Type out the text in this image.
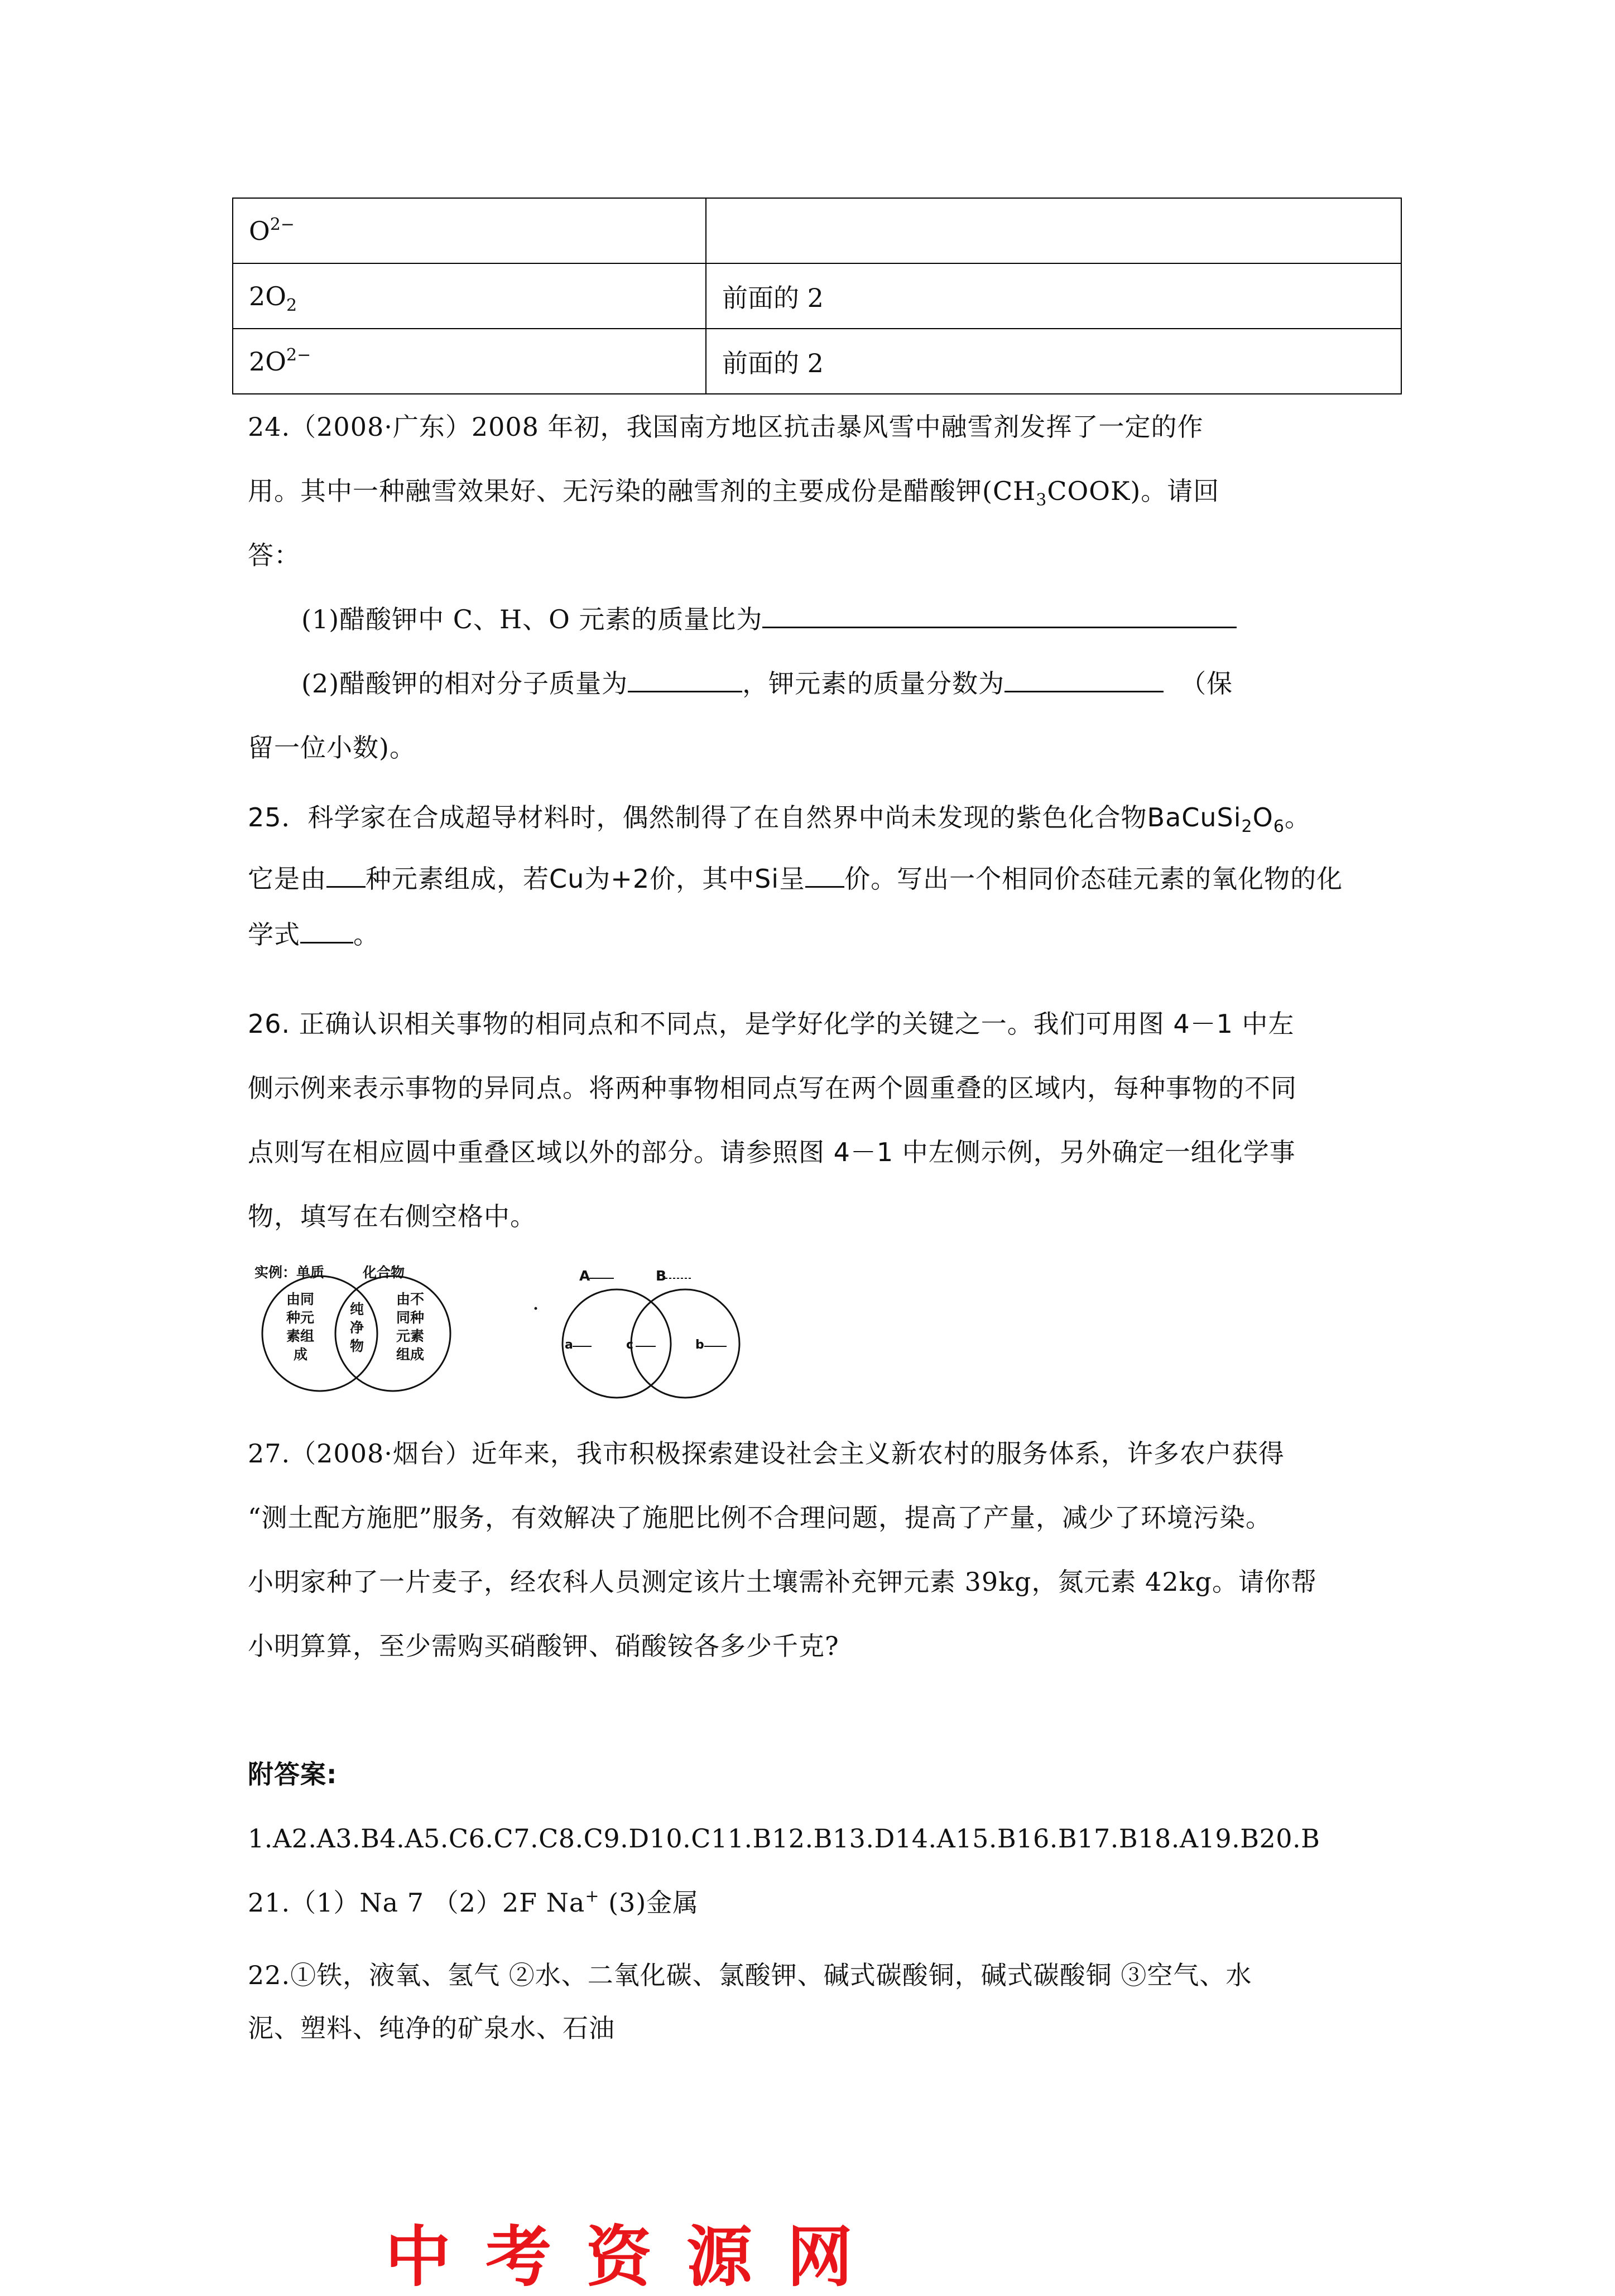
$O^{2-}$	
$2O_2$	前面的 2
$2O^{2-}$	前面的 2
24.（2008·广东）2008 年初，我国南方地区抗击暴风雪中融雪剂发挥了一定的作
用。其中一种融雪效果好、无污染的融雪剂的主要成份是醋酸钾$(CH_3COOK)$。请回
答：
(1)醋酸钾中 C、H、O 元素的质量比为
(2)醋酸钾的相对分子质量为	，钾元素的质量分数为	（保
留一位小数)。
25．科学家在合成超导材料时，偶然制得了在自然界中尚未发现的紫色化合物$BaCuSi_2O_6$。
它是由 种元素组成，若Cu为+2价，其中Si呈 价。写出一个相同价态硅元素的氧化物的化
学式 。
26. 正确认识相关事物的相同点和不同点，是学好化学的关键之一。我们可用图 4－1 中左
侧示例来表示事物的异同点。将两种事物相同点写在两个圆重叠的区域内，每种事物的不同
点则写在相应圆中重叠区域以外的部分。请参照图 4－1 中左侧示例，另外确定一组化学事
物，填写在右侧空格中。
实例：单质	化合物
由同
种元
素组
成
纯
净
物
由不
同种
元素
组成
A	B
a	c	b
27.（2008·烟台）近年来，我市积极探索建设社会主义新农村的服务体系，许多农户获得
“测土配方施肥”服务，有效解决了施肥比例不合理问题，提高了产量，减少了环境污染。
小明家种了一片麦子，经农科人员测定该片土壤需补充钾元素 39kg，氮元素 42kg。请你帮
小明算算，至少需购买硝酸钾、硝酸铵各多少千克?
附答案:
1.A2.A3.B4.A5.C6.C7.C8.C9.D10.C11.B12.B13.D14.A15.B16.B17.B18.A19.B20.B
21.（1）Na 7 （2）2F Na+ (3)金属
22.①铁，液氧、氢气 ②水、二氧化碳、氯酸钾、碱式碳酸铜，碱式碳酸铜 ③空气、水
泥、塑料、纯净的矿泉水、石油
中考资源网
